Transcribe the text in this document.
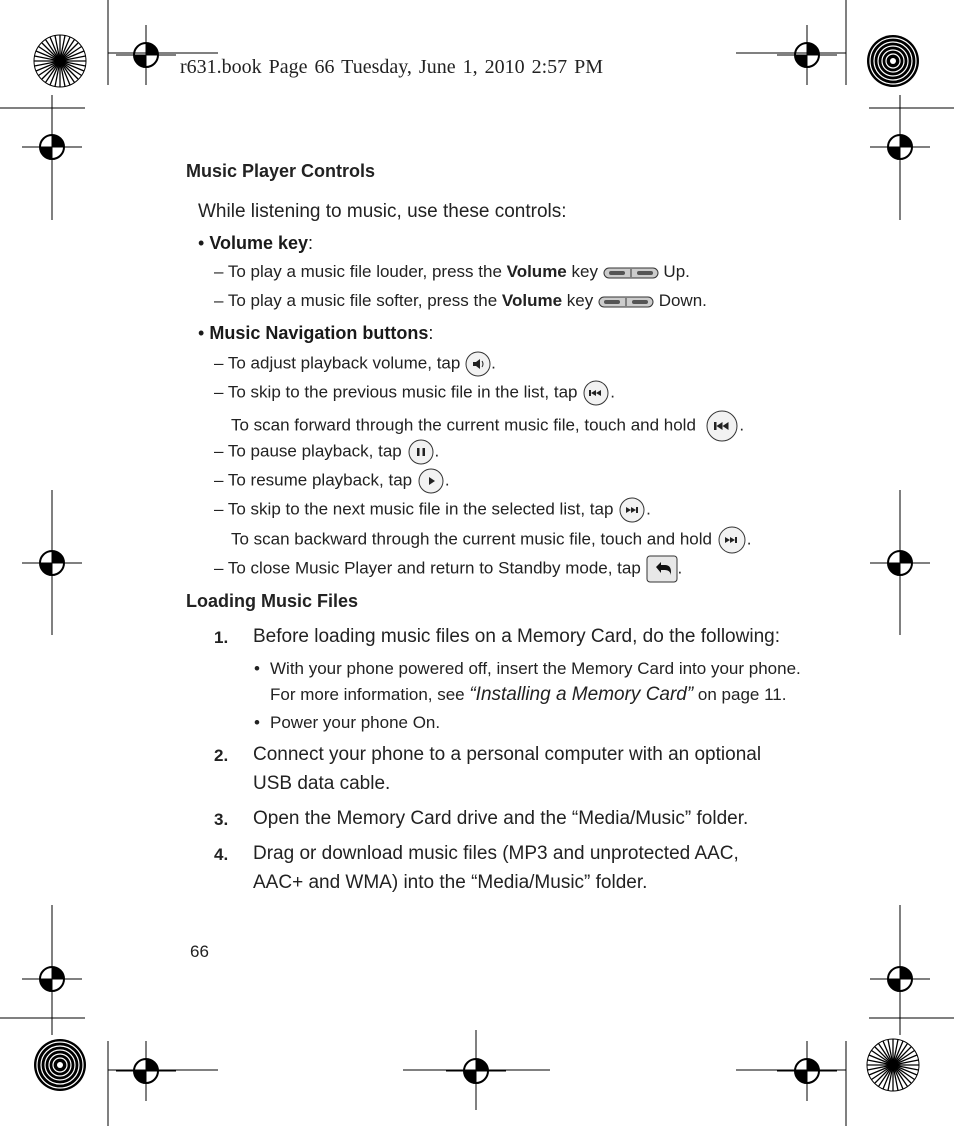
r631.book Page 66 Tuesday, June 1, 2010 2:57 PM
Music Player Controls
While listening to music, use these controls:
• Volume key:
– To play a music file louder, press the Volume key	Up.
– To play a music file softer, press the Volume key	Down.
• Music Navigation buttons:
– To adjust playback volume, tap .
– To skip to the previous music file in the list, tap .
To scan forward through the current music file, touch and hold	.
– To pause playback, tap .
– To resume playback, tap .
– To skip to the next music file in the selected list, tap .
To scan backward through the current music file, touch and hold .
– To close Music Player and return to Standby mode, tap .
Loading Music Files
1. Before loading music files on a Memory Card, do the following:
• With your phone powered off, insert the Memory Card into your phone.
For more information, see “Installing a Memory Card” on page 11.
• Power your phone On.
2. Connect your phone to a personal computer with an optional
USB data cable.
3. Open the Memory Card drive and the “Media/Music” folder.
4. Drag or download music files (MP3 and unprotected AAC,
AAC+ and WMA) into the “Media/Music” folder.
66
